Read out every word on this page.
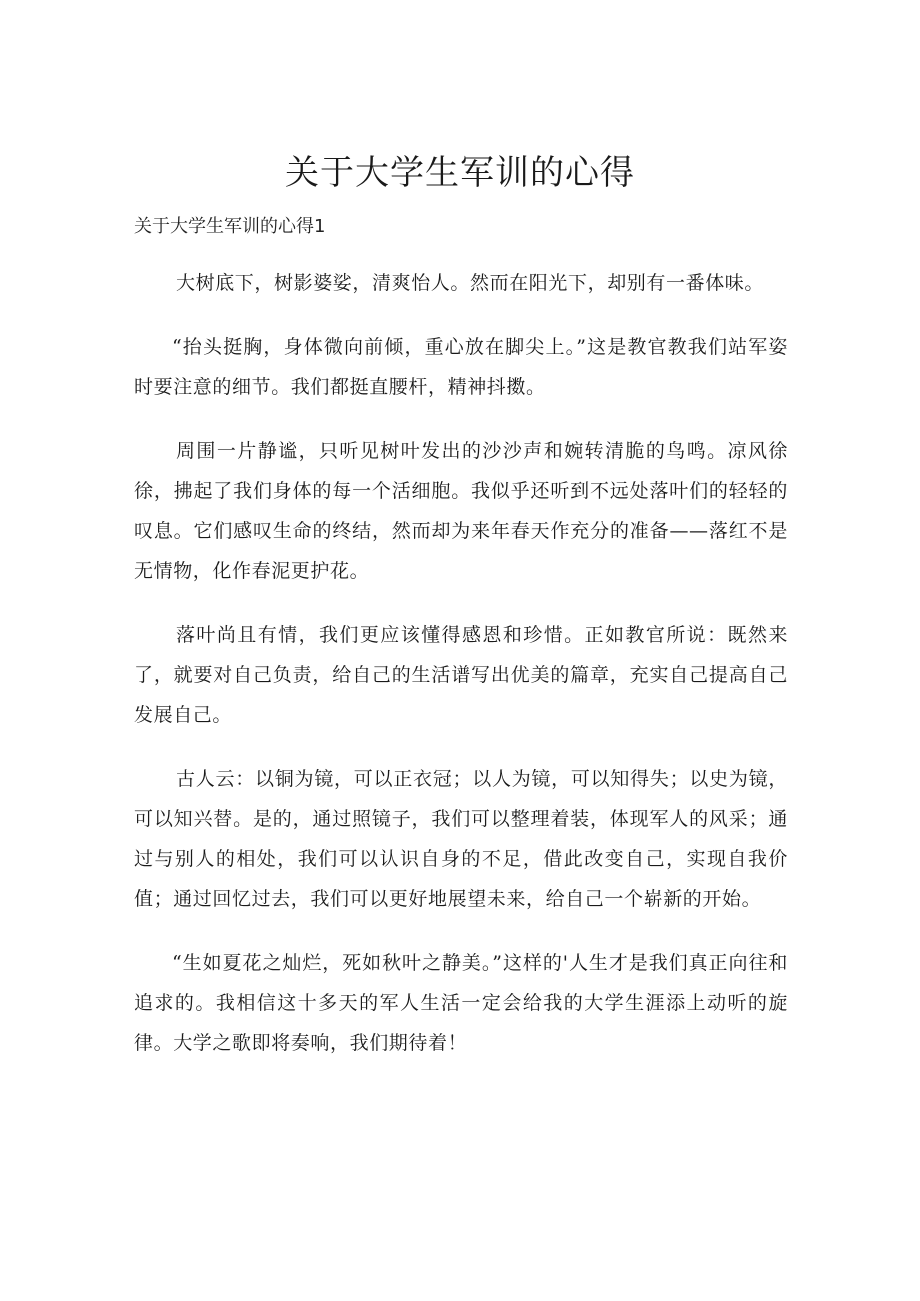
关于大学生军训的心得
关于大学生军训的心得1

大树底下，树影婆娑，清爽怡人。然而在阳光下，却别有一番体味。

“抬头挺胸，身体微向前倾，重心放在脚尖上。”这是教官教我们站军姿时要注意的细节。我们都挺直腰杆，精神抖擞。

周围一片静谧，只听见树叶发出的沙沙声和婉转清脆的鸟鸣。凉风徐徐，拂起了我们身体的每一个活细胞。我似乎还听到不远处落叶们的轻轻的叹息。它们感叹生命的终结，然而却为来年春天作充分的准备——落红不是无情物，化作春泥更护花。

落叶尚且有情，我们更应该懂得感恩和珍惜。正如教官所说：既然来了，就要对自己负责，给自己的生活谱写出优美的篇章，充实自己提高自己发展自己。

古人云：以铜为镜，可以正衣冠；以人为镜，可以知得失；以史为镜，可以知兴替。是的，通过照镜子，我们可以整理着装，体现军人的风采；通过与别人的相处，我们可以认识自身的不足，借此改变自己，实现自我价值；通过回忆过去，我们可以更好地展望未来，给自己一个崭新的开始。

“生如夏花之灿烂，死如秋叶之静美。”这样的'人生才是我们真正向往和追求的。我相信这十多天的军人生活一定会给我的大学生涯添上动听的旋律。大学之歌即将奏响，我们期待着！
